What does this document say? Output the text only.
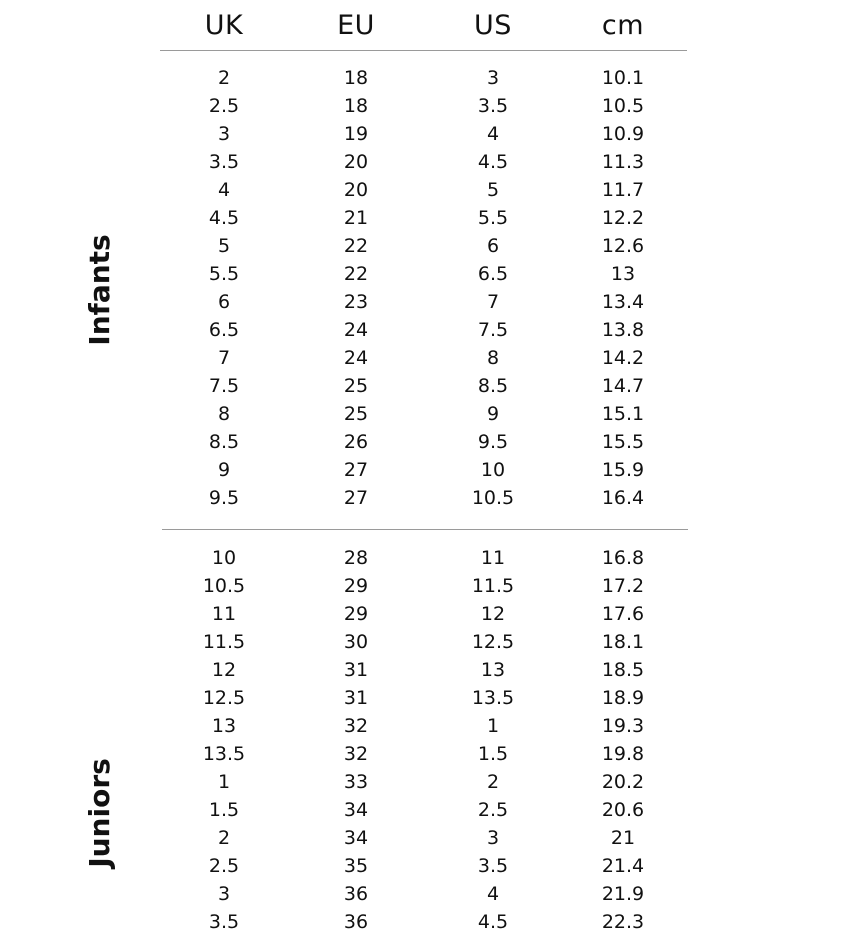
UK	EU	US	cm
Infants
2	18	3	10.1
2.5	18	3.5	10.5
3	19	4	10.9
3.5	20	4.5	11.3
4	20	5	11.7
4.5	21	5.5	12.2
5	22	6	12.6
5.5	22	6.5	13
6	23	7	13.4
6.5	24	7.5	13.8
7	24	8	14.2
7.5	25	8.5	14.7
8	25	9	15.1
8.5	26	9.5	15.5
9	27	10	15.9
9.5	27	10.5	16.4
Juniors
10	28	11	16.8
10.5	29	11.5	17.2
11	29	12	17.6
11.5	30	12.5	18.1
12	31	13	18.5
12.5	31	13.5	18.9
13	32	1	19.3
13.5	32	1.5	19.8
1	33	2	20.2
1.5	34	2.5	20.6
2	34	3	21
2.5	35	3.5	21.4
3	36	4	21.9
3.5	36	4.5	22.3
